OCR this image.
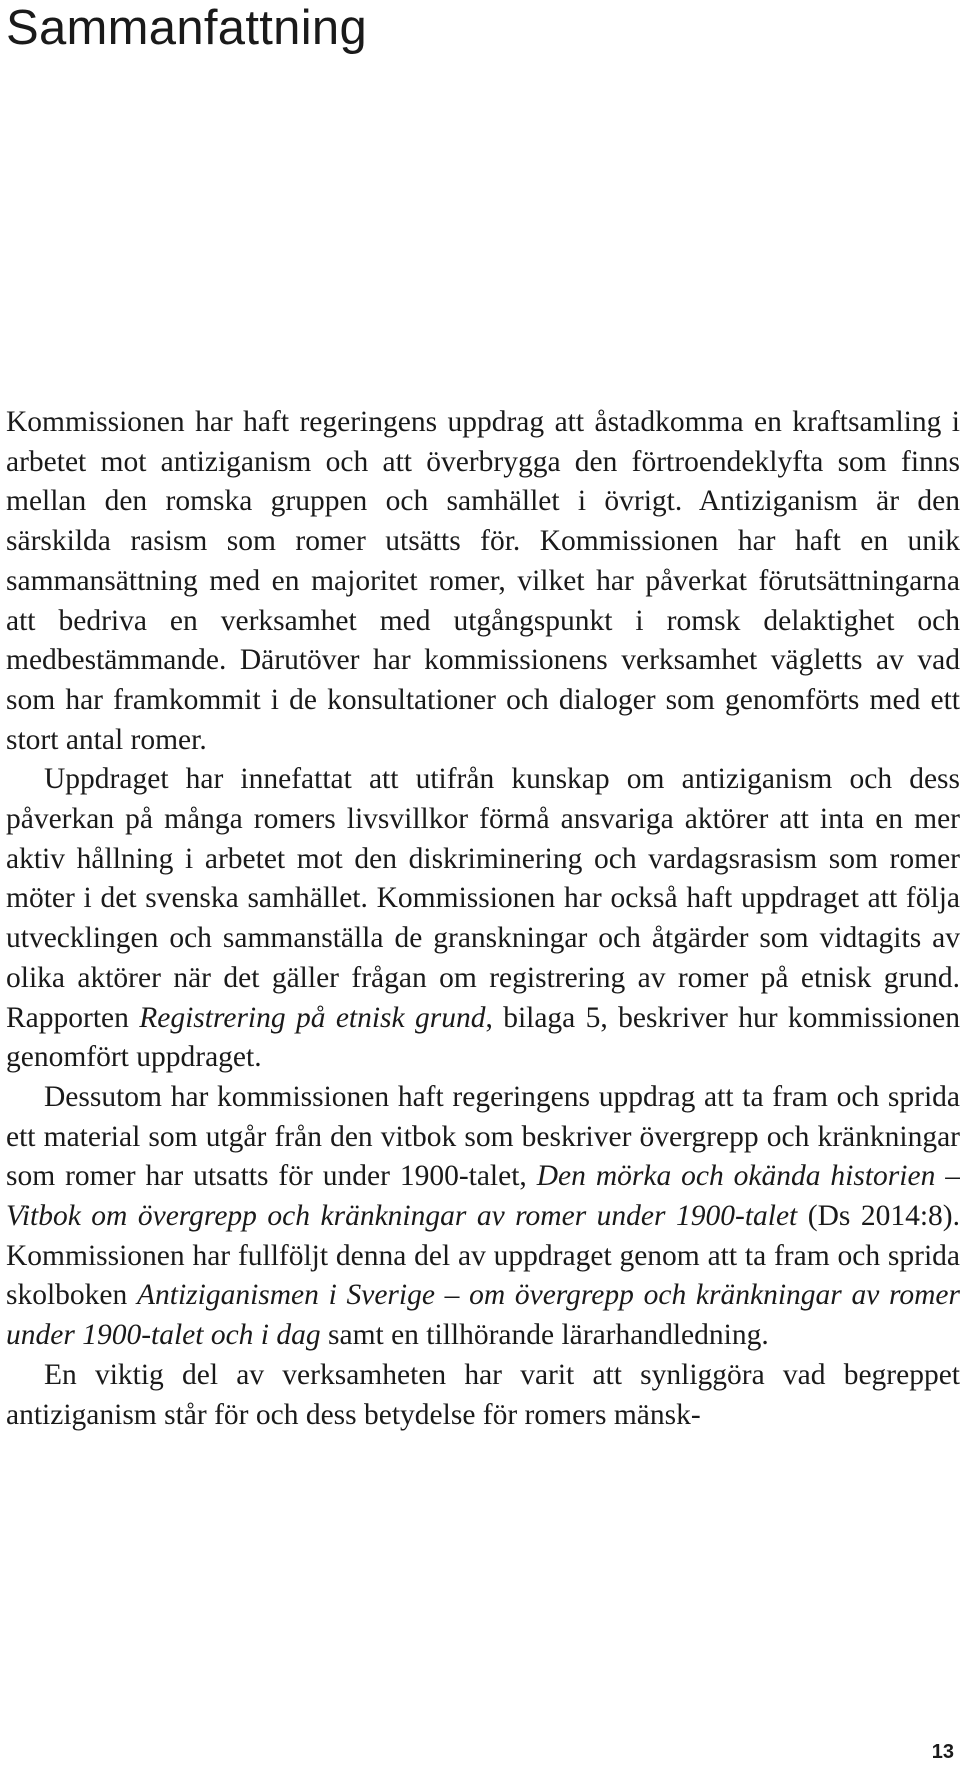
Sammanfattning

Kommissionen har haft regeringens uppdrag att åstadkomma en kraftsamling i arbetet mot antiziganism och att överbrygga den förtroendeklyfta som finns mellan den romska gruppen och samhället i övrigt. Antiziganism är den särskilda rasism som romer utsätts för. Kommissionen har haft en unik sammansättning med en majoritet romer, vilket har påverkat förutsättningarna att bedriva en verksamhet med utgångspunkt i romsk delaktighet och medbestämmande. Därutöver har kommissionens verksamhet vägletts av vad som har framkommit i de konsultationer och dialoger som genomförts med ett stort antal romer.

Uppdraget har innefattat att utifrån kunskap om antiziganism och dess påverkan på många romers livsvillkor förmå ansvariga aktörer att inta en mer aktiv hållning i arbetet mot den diskriminering och vardagsrasism som romer möter i det svenska samhället. Kommissionen har också haft uppdraget att följa utvecklingen och sammanställa de granskningar och åtgärder som vidtagits av olika aktörer när det gäller frågan om registrering av romer på etnisk grund. Rapporten Registrering på etnisk grund, bilaga 5, beskriver hur kommissionen genomfört uppdraget.

Dessutom har kommissionen haft regeringens uppdrag att ta fram och sprida ett material som utgår från den vitbok som beskriver övergrepp och kränkningar som romer har utsatts för under 1900-talet, Den mörka och okända historien – Vitbok om övergrepp och kränkningar av romer under 1900-talet (Ds 2014:8). Kommissionen har fullföljt denna del av uppdraget genom att ta fram och sprida skolboken Antiziganismen i Sverige – om övergrepp och kränkningar av romer under 1900-talet och i dag samt en tillhörande lärarhandledning.

En viktig del av verksamheten har varit att synliggöra vad begreppet antiziganism står för och dess betydelse för romers mänsk-

13
